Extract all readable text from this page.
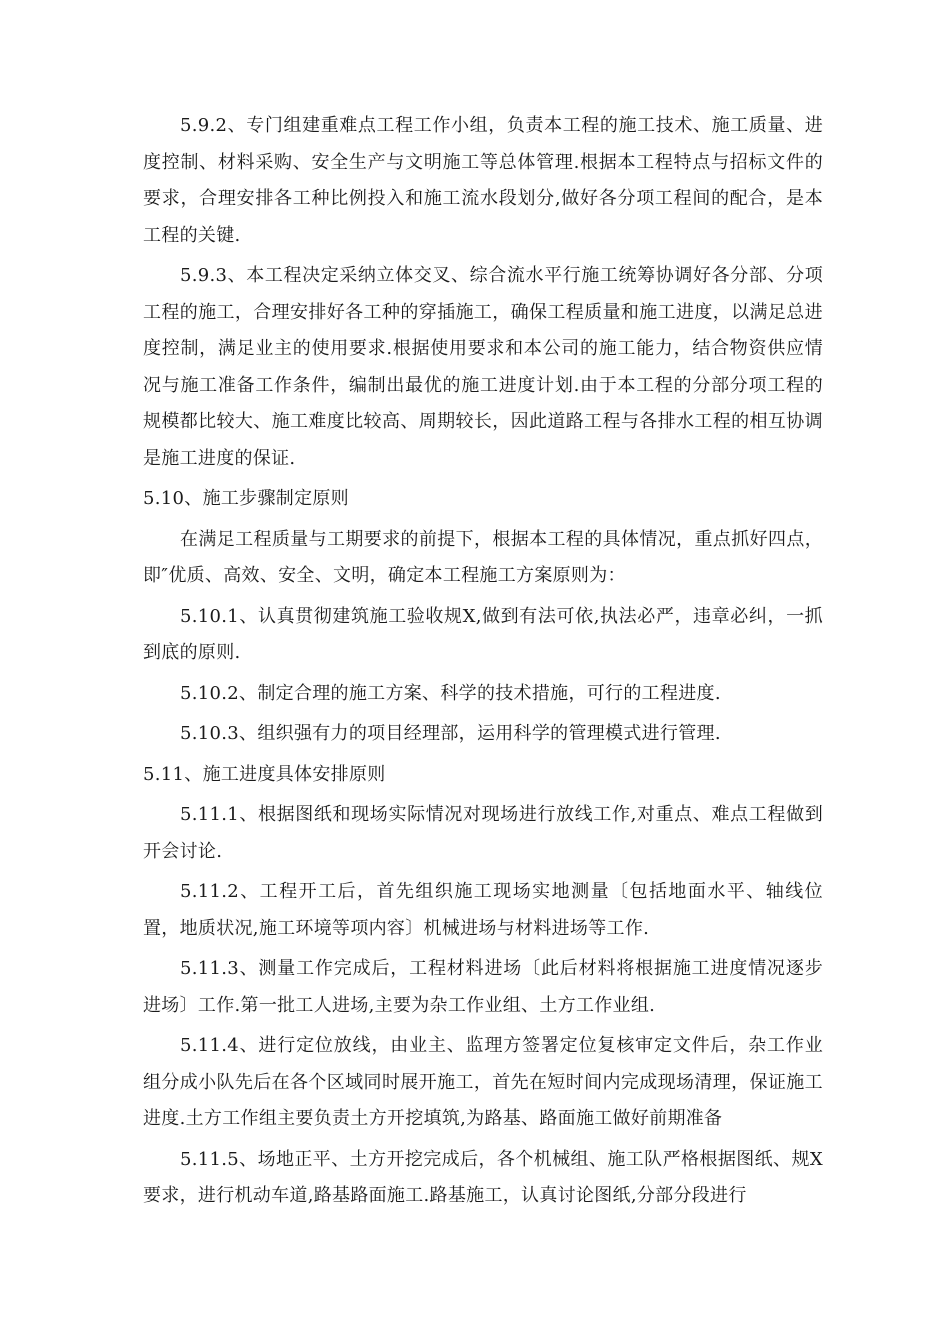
5.9.2、专门组建重难点工程工作小组，负责本工程的施工技术、施工质量、进度控制、材料采购、安全生产与文明施工等总体管理.根据本工程特点与招标文件的要求，合理安排各工种比例投入和施工流水段划分,做好各分项工程间的配合，是本工程的关键.

5.9.3、本工程决定采纳立体交叉、综合流水平行施工统筹协调好各分部、分项工程的施工，合理安排好各工种的穿插施工，确保工程质量和施工进度，以满足总进度控制，满足业主的使用要求.根据使用要求和本公司的施工能力，结合物资供应情况与施工准备工作条件，编制出最优的施工进度计划.由于本工程的分部分项工程的规模都比较大、施工难度比较高、周期较长，因此道路工程与各排水工程的相互协调是施工进度的保证.

5.10、施工步骤制定原则

在满足工程质量与工期要求的前提下，根据本工程的具体情况，重点抓好四点，即″优质、高效、安全、文明，确定本工程施工方案原则为：

5.10.1、认真贯彻建筑施工验收规X,做到有法可依,执法必严，违章必纠，一抓到底的原则.

5.10.2、制定合理的施工方案、科学的技术措施，可行的工程进度.

5.10.3、组织强有力的项目经理部，运用科学的管理模式进行管理.

5.11、施工进度具体安排原则

5.11.1、根据图纸和现场实际情况对现场进行放线工作,对重点、难点工程做到开会讨论.

5.11.2、工程开工后，首先组织施工现场实地测量〔包括地面水平、轴线位置，地质状况,施工环境等项内容〕机械进场与材料进场等工作.

5.11.3、测量工作完成后，工程材料进场〔此后材料将根据施工进度情况逐步进场〕工作.第一批工人进场,主要为杂工作业组、土方工作业组.

5.11.4、进行定位放线，由业主、监理方签署定位复核审定文件后，杂工作业组分成小队先后在各个区域同时展开施工，首先在短时间内完成现场清理，保证施工进度.土方工作组主要负责土方开挖填筑,为路基、路面施工做好前期准备

5.11.5、场地正平、土方开挖完成后，各个机械组、施工队严格根据图纸、规X要求，进行机动车道,路基路面施工.路基施工，认真讨论图纸,分部分段进行
